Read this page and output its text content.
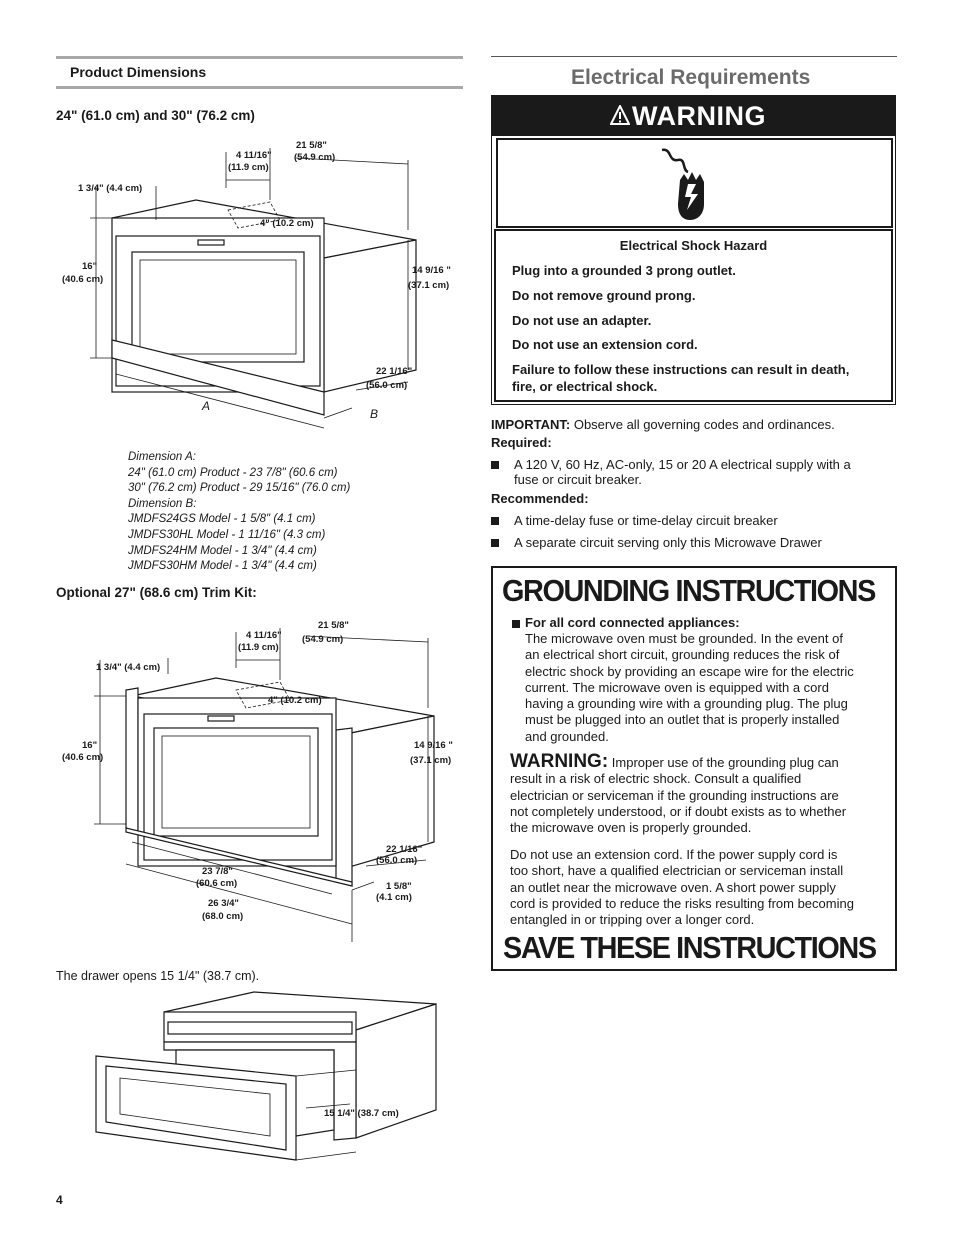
Product Dimensions
24" (61.0 cm) and 30" (76.2 cm)
21 5/8"
(54.9 cm)
4 11/16"
(11.9 cm)
1 3/4" (4.4 cm)
4" (10.2 cm)
16"
(40.6 cm)
14 9/16 "
(37.1 cm)
22 1/16"
(56.0 cm)
A
B
Dimension A:
24" (61.0 cm) Product - 23 7/8" (60.6 cm)
30" (76.2 cm) Product - 29 15/16" (76.0 cm)
Dimension B:
JMDFS24GS Model - 1 5/8" (4.1 cm)
JMDFS30HL Model - 1 11/16" (4.3 cm)
JMDFS24HM Model - 1 3/4" (4.4 cm)
JMDFS30HM Model - 1 3/4" (4.4 cm)
Optional 27" (68.6 cm) Trim Kit:
21 5/8"
(54.9 cm)
4 11/16"
(11.9 cm)
1 3/4" (4.4 cm)
4" (10.2 cm)
16"
(40.6 cm)
14 9/16 "
(37.1 cm)
22 1/16"
(56.0 cm)
23 7/8"
(60.6 cm)
26 3/4"
(68.0 cm)
1 5/8"
(4.1 cm)
The drawer opens 15 1/4" (38.7 cm).
15 1/4" (38.7 cm)
4
Electrical Requirements
WARNING
Electrical Shock Hazard
Plug into a grounded 3 prong outlet.
Do not remove ground prong.
Do not use an adapter.
Do not use an extension cord.
Failure to follow these instructions can result in death,
fire, or electrical shock.
IMPORTANT: Observe all governing codes and ordinances.
Required:
A 120 V, 60 Hz, AC-only, 15 or 20 A electrical supply with a
fuse or circuit breaker.
Recommended:
A time-delay fuse or time-delay circuit breaker
A separate circuit serving only this Microwave Drawer
GROUNDING INSTRUCTIONS
For all cord connected appliances:
The microwave oven must be grounded. In the event of
an electrical short circuit, grounding reduces the risk of
electric shock by providing an escape wire for the electric
current. The microwave oven is equipped with a cord
having a grounding wire with a grounding plug. The plug
must be plugged into an outlet that is properly installed
and grounded.
WARNING: Improper use of the grounding plug can
result in a risk of electric shock. Consult a qualified
electrician or serviceman if the grounding instructions are
not completely understood, or if doubt exists as to whether
the microwave oven is properly grounded.
Do not use an extension cord. If the power supply cord is
too short, have a qualified electrician or serviceman install
an outlet near the microwave oven. A short power supply
cord is provided to reduce the risks resulting from becoming
entangled in or tripping over a longer cord.
SAVE THESE INSTRUCTIONS
